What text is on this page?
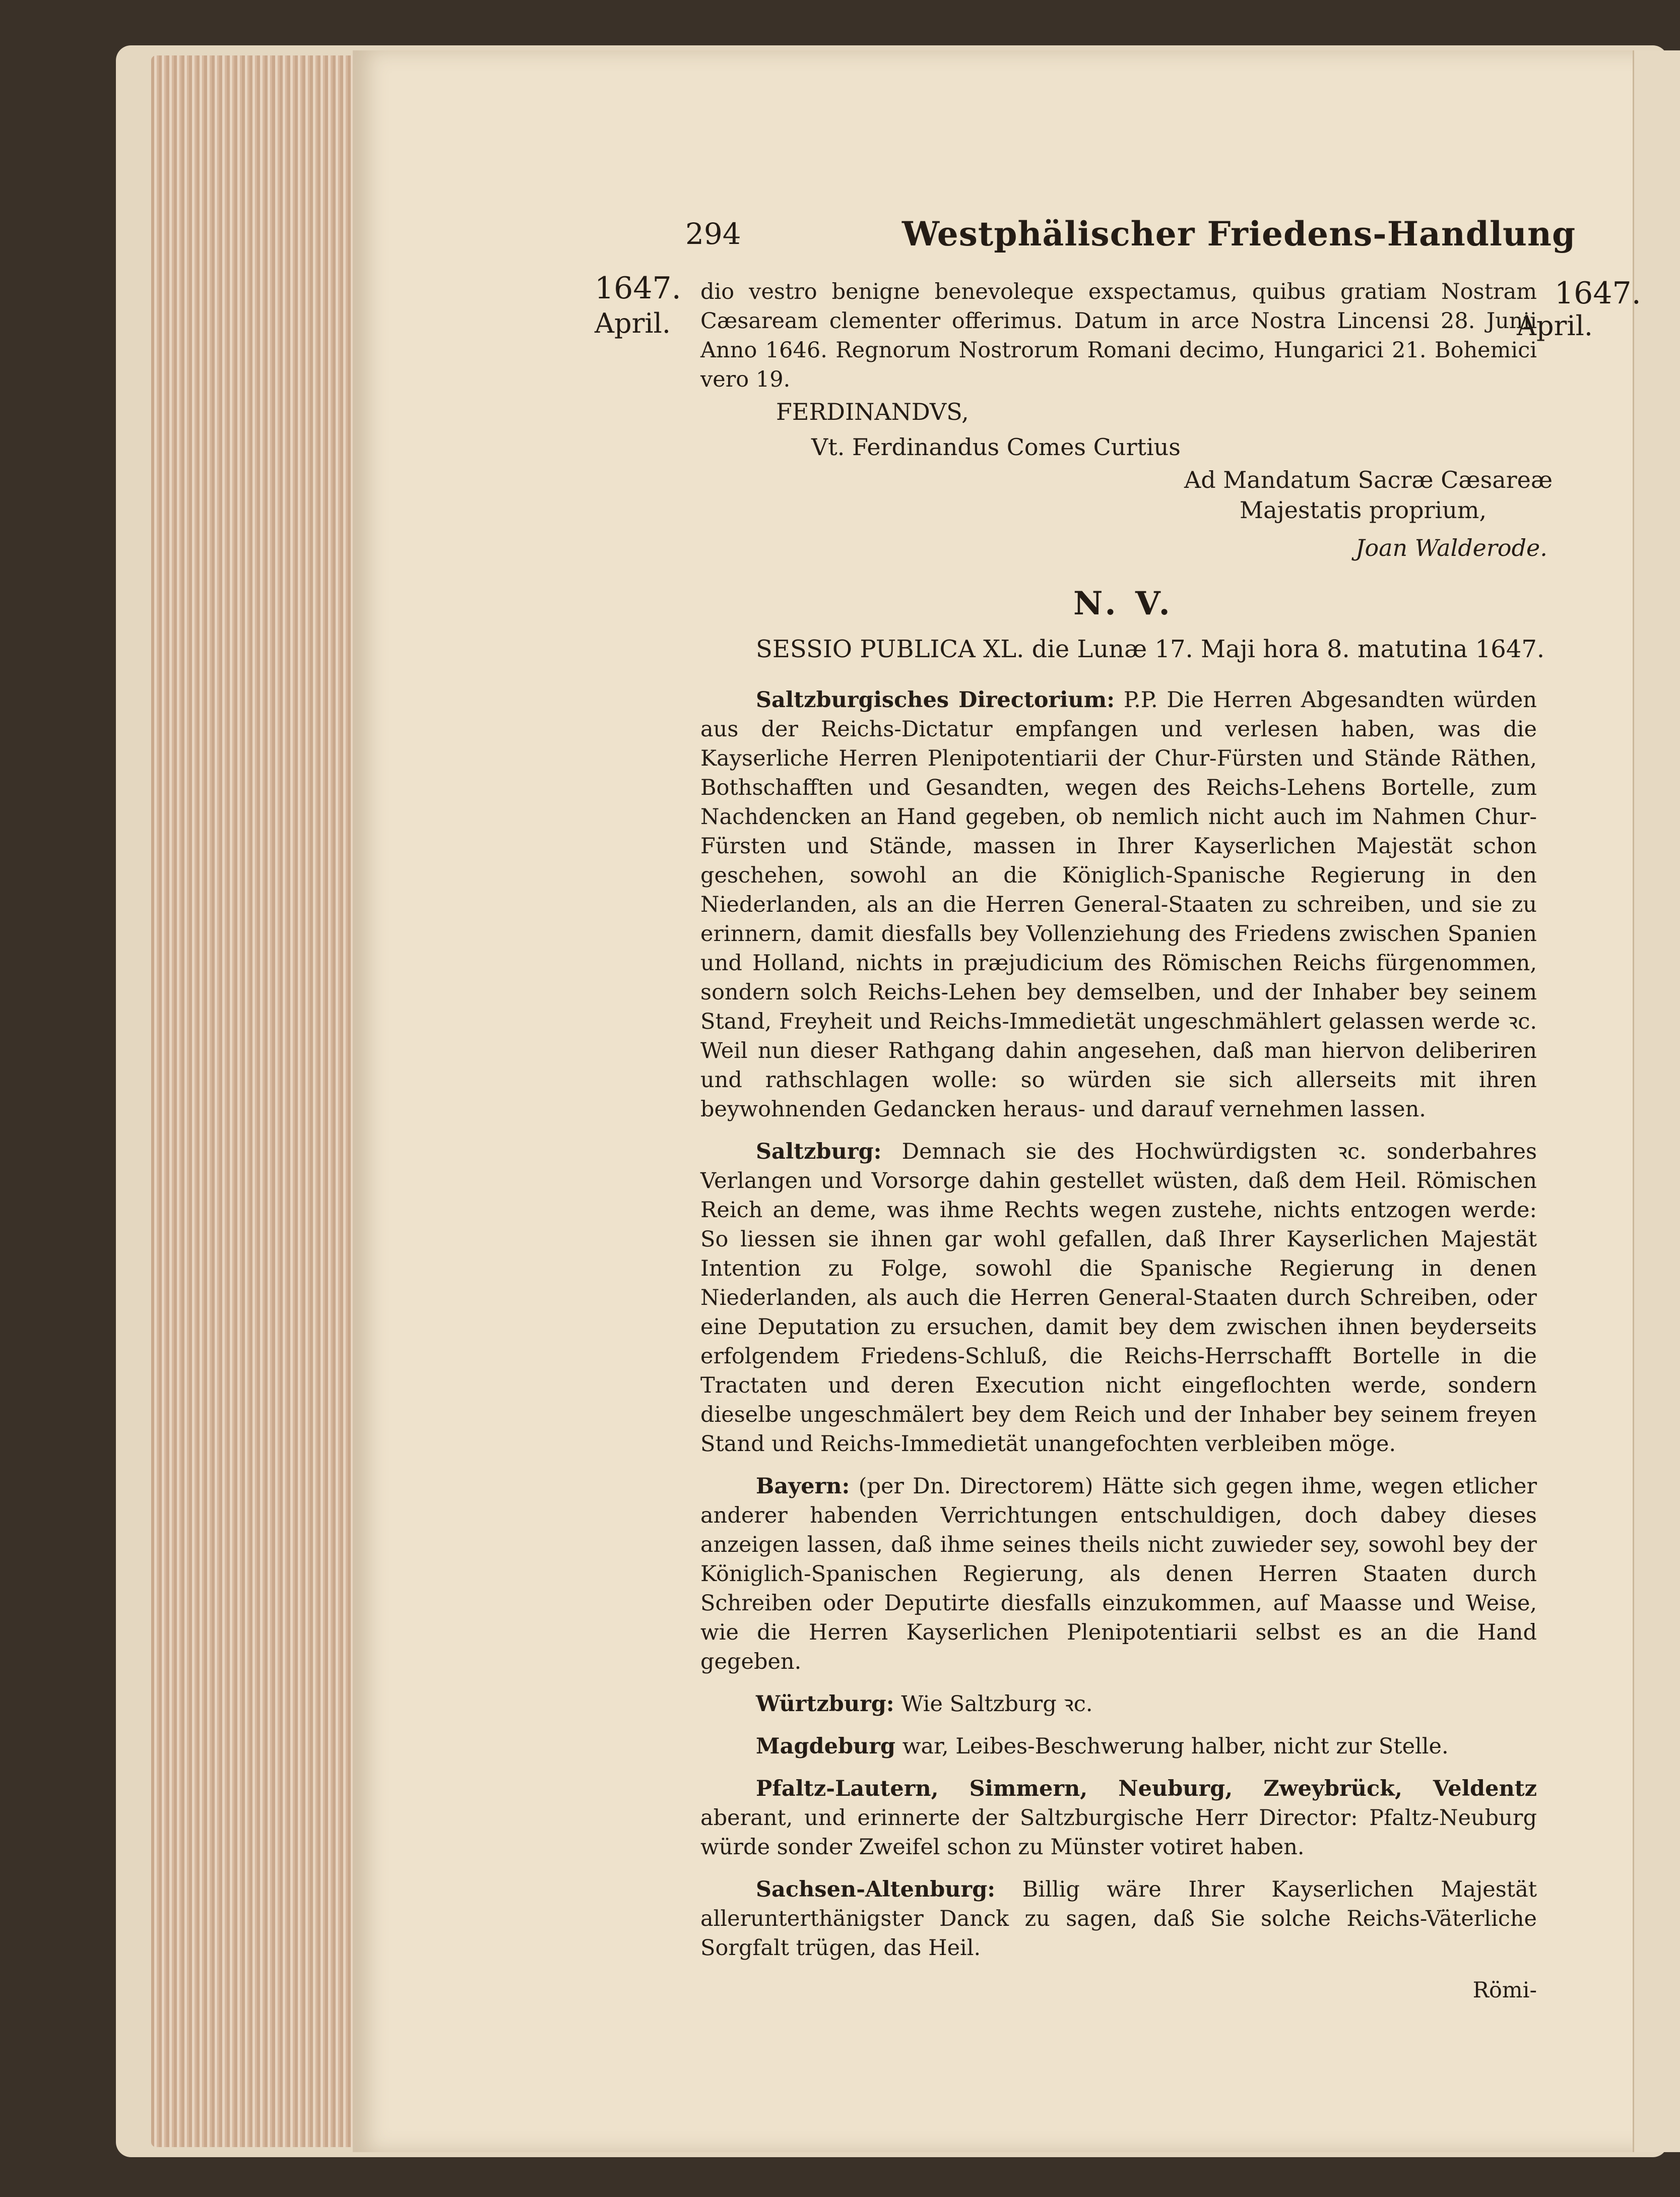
294	Westphälischer Friedens-Handlung
1647.
April.
1647.
April.

dio vestro benigne benevoleque exspectamus, quibus gratiam Nostram Cæsaream clementer offerimus. Datum in arce Nostra Lincensi 28. Junii Anno 1646. Regnorum Nostrorum Romani decimo, Hungarici 21. Bohemici vero 19.

FERDINANDVS,
Vt. Ferdinandus Comes Curtius
Ad Mandatum Sacræ Cæsareæ
Majestatis proprium,
Joan Walderode.
N. V.
SESSIO PUBLICA XL. die Lunæ 17. Maji hora 8. matutina 1647.

Saltzburgisches Directorium: P.P. Die Herren Abgesandten würden aus der Reichs-Dictatur empfangen und verlesen haben, was die Kayserliche Herren Plenipotentiarii der Chur-Fürsten und Stände Räthen, Bothschafften und Gesandten, wegen des Reichs-Lehens Bortelle, zum Nachdencken an Hand gegeben, ob nemlich nicht auch im Nahmen Chur-Fürsten und Stände, massen in Ihrer Kayserlichen Majestät schon geschehen, sowohl an die Königlich-Spanische Regierung in den Niederlanden, als an die Herren General-Staaten zu schreiben, und sie zu erinnern, damit diesfalls bey Vollenziehung des Friedens zwischen Spanien und Holland, nichts in præjudicium des Römischen Reichs fürgenommen, sondern solch Reichs-Lehen bey demselben, und der Inhaber bey seinem Stand, Freyheit und Reichs-Immedietät ungeschmählert gelassen werde ꝛc. Weil nun dieser Rathgang dahin angesehen, daß man hiervon deliberiren und rathschlagen wolle: so würden sie sich allerseits mit ihren beywohnenden Gedancken heraus- und darauf vernehmen lassen.

Saltzburg: Demnach sie des Hochwürdigsten ꝛc. sonderbahres Verlangen und Vorsorge dahin gestellet wüsten, daß dem Heil. Römischen Reich an deme, was ihme Rechts wegen zustehe, nichts entzogen werde: So liessen sie ihnen gar wohl gefallen, daß Ihrer Kayserlichen Majestät Intention zu Folge, sowohl die Spanische Regierung in denen Niederlanden, als auch die Herren General-Staaten durch Schreiben, oder eine Deputation zu ersuchen, damit bey dem zwischen ihnen beyderseits erfolgendem Friedens-Schluß, die Reichs-Herrschafft Bortelle in die Tractaten und deren Execution nicht eingeflochten werde, sondern dieselbe ungeschmälert bey dem Reich und der Inhaber bey seinem freyen Stand und Reichs-Immedietät unangefochten verbleiben möge.

Bayern: (per Dn. Directorem) Hätte sich gegen ihme, wegen etlicher anderer habenden Verrichtungen entschuldigen, doch dabey dieses anzeigen lassen, daß ihme seines theils nicht zuwieder sey, sowohl bey der Königlich-Spanischen Regierung, als denen Herren Staaten durch Schreiben oder Deputirte diesfalls einzukommen, auf Maasse und Weise, wie die Herren Kayserlichen Plenipotentiarii selbst es an die Hand gegeben.

Würtzburg: Wie Saltzburg ꝛc.

Magdeburg war, Leibes-Beschwerung halber, nicht zur Stelle.

Pfaltz-Lautern, Simmern, Neuburg, Zweybrück, Veldentz aberant, und erinnerte der Saltzburgische Herr Director: Pfaltz-Neuburg würde sonder Zweifel schon zu Münster votiret haben.

Sachsen-Altenburg: Billig wäre Ihrer Kayserlichen Majestät allerunterthänigster Danck zu sagen, daß Sie solche Reichs-Väterliche Sorgfalt trügen, das Heil.

Römi-
